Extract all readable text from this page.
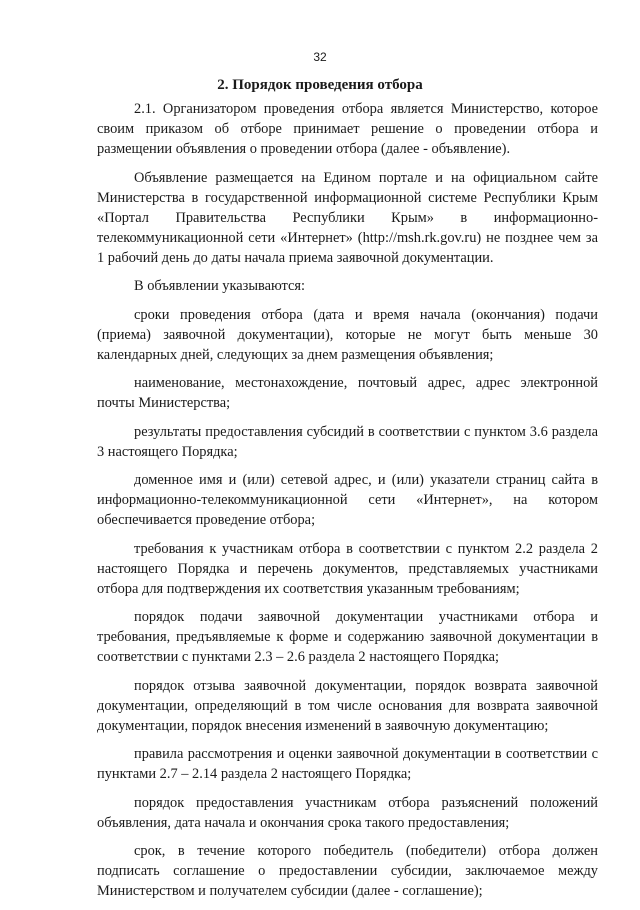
32
2. Порядок проведения отбора

2.1. Организатором проведения отбора является Министерство, которое своим приказом об отборе принимает решение о проведении отбора и размещении объявления о проведении отбора (далее - объявление).

Объявление размещается на Едином портале и на официальном сайте Министерства в государственной информационной системе Республики Крым «Портал Правительства Республики Крым» в информационно-телекоммуникационной сети «Интернет» (http://msh.rk.gov.ru) не позднее чем за 1 рабочий день до даты начала приема заявочной документации.

В объявлении указываются:

сроки проведения отбора (дата и время начала (окончания) подачи (приема) заявочной документации), которые не могут быть меньше 30 календарных дней, следующих за днем размещения объявления;

наименование, местонахождение, почтовый адрес, адрес электронной почты Министерства;

результаты предоставления субсидий в соответствии с пунктом 3.6 раздела 3 настоящего Порядка;

доменное имя и (или) сетевой адрес, и (или) указатели страниц сайта в информационно-телекоммуникационной сети «Интернет», на котором обеспечивается проведение отбора;

требования к участникам отбора в соответствии с пунктом 2.2 раздела 2 настоящего Порядка и перечень документов, представляемых участниками отбора для подтверждения их соответствия указанным требованиям;

порядок подачи заявочной документации участниками отбора и требования, предъявляемые к форме и содержанию заявочной документации в соответствии с пунктами 2.3 – 2.6 раздела 2 настоящего Порядка;

порядок отзыва заявочной документации, порядок возврата заявочной документации, определяющий в том числе основания для возврата заявочной документации, порядок внесения изменений в заявочную документацию;

правила рассмотрения и оценки заявочной документации в соответствии с пунктами 2.7 – 2.14 раздела 2 настоящего Порядка;

порядок предоставления участникам отбора разъяснений положений объявления, дата начала и окончания срока такого предоставления;

срок, в течение которого победитель (победители) отбора должен подписать соглашение о предоставлении субсидии, заключаемое между Министерством и получателем субсидии (далее - соглашение);
